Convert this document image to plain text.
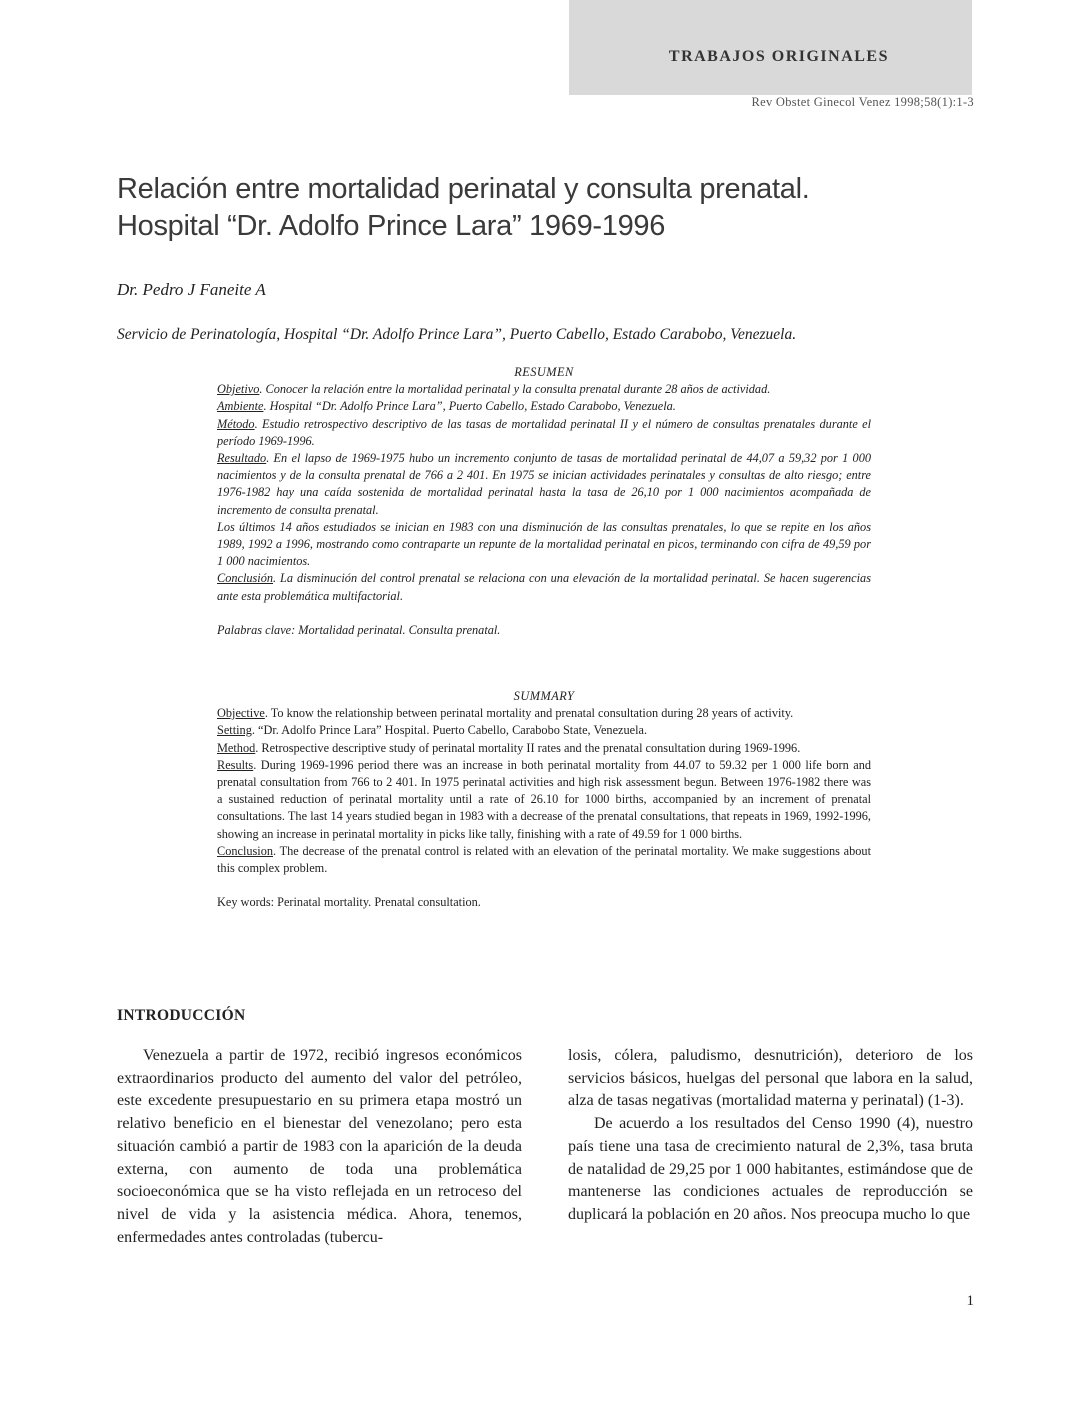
TRABAJOS ORIGINALES
Rev Obstet Ginecol Venez 1998;58(1):1-3
Relación entre mortalidad perinatal y consulta prenatal.
Hospital “Dr. Adolfo Prince Lara” 1969-1996
Dr. Pedro J Faneite A
Servicio de Perinatología, Hospital “Dr. Adolfo Prince Lara”, Puerto Cabello, Estado Carabobo, Venezuela.

RESUMEN

Objetivo. Conocer la relación entre la mortalidad perinatal y la consulta prenatal durante 28 años de actividad.

Ambiente. Hospital “Dr. Adolfo Prince Lara”, Puerto Cabello, Estado Carabobo, Venezuela.

Método. Estudio retrospectivo descriptivo de las tasas de mortalidad perinatal II y el número de consultas prenatales durante el período 1969-1996.

Resultado. En el lapso de 1969-1975 hubo un incremento conjunto de tasas de mortalidad perinatal de 44,07 a 59,32 por 1 000 nacimientos y de la consulta prenatal de 766 a 2 401. En 1975 se inician actividades perinatales y consultas de alto riesgo; entre 1976-1982 hay una caída sostenida de mortalidad perinatal hasta la tasa de 26,10 por 1 000 nacimientos acompañada de incremento de consulta prenatal.

Los últimos 14 años estudiados se inician en 1983 con una disminución de las consultas prenatales, lo que se repite en los años 1989, 1992 a 1996, mostrando como contraparte un repunte de la mortalidad perinatal en picos, terminando con cifra de 49,59 por 1 000 nacimientos.

Conclusión. La disminución del control prenatal se relaciona con una elevación de la mortalidad perinatal. Se hacen sugerencias ante esta problemática multifactorial.

Palabras clave: Mortalidad perinatal. Consulta prenatal.

SUMMARY

Objective. To know the relationship between perinatal mortality and prenatal consultation during 28 years of activity.

Setting. “Dr. Adolfo Prince Lara” Hospital. Puerto Cabello, Carabobo State, Venezuela.

Method. Retrospective descriptive study of perinatal mortality II rates and the prenatal consultation during 1969-1996.

Results. During 1969-1996 period there was an increase in both perinatal mortality from 44.07 to 59.32 per 1 000 life born and prenatal consultation from 766 to 2 401. In 1975 perinatal activities and high risk assessment begun. Between 1976-1982 there was a sustained reduction of perinatal mortality until a rate of 26.10 for 1000 births, accompanied by an increment of prenatal consultations. The last 14 years studied began in 1983 with a decrease of the prenatal consultations, that repeats in 1969, 1992-1996, showing an increase in perinatal mortality in picks like tally, finishing with a rate of 49.59 for 1 000 births.

Conclusion. The decrease of the prenatal control is related with an elevation of the perinatal mortality. We make suggestions about this complex problem.

Key words: Perinatal mortality. Prenatal consultation.

INTRODUCCIÓN

Venezuela a partir de 1972, recibió ingresos económicos extraordinarios producto del aumento del valor del petróleo, este excedente presupuestario en su primera etapa mostró un relativo beneficio en el bienestar del venezolano; pero esta situación cambió a partir de 1983 con la aparición de la deuda externa, con aumento de toda una problemática socioeconómica que se ha visto reflejada en un retroceso del nivel de vida y la asistencia médica. Ahora, tenemos, enfermedades antes controladas (tubercu-

losis, cólera, paludismo, desnutrición), deterioro de los servicios básicos, huelgas del personal que labora en la salud, alza de tasas negativas (mortalidad materna y perinatal) (1-3).

De acuerdo a los resultados del Censo 1990 (4), nuestro país tiene una tasa de crecimiento natural de 2,3%, tasa bruta de natalidad de 29,25 por 1 000 habitantes, estimándose que de mantenerse las condiciones actuales de reproducción se duplicará la población en 20 años. Nos preocupa mucho lo que

1
